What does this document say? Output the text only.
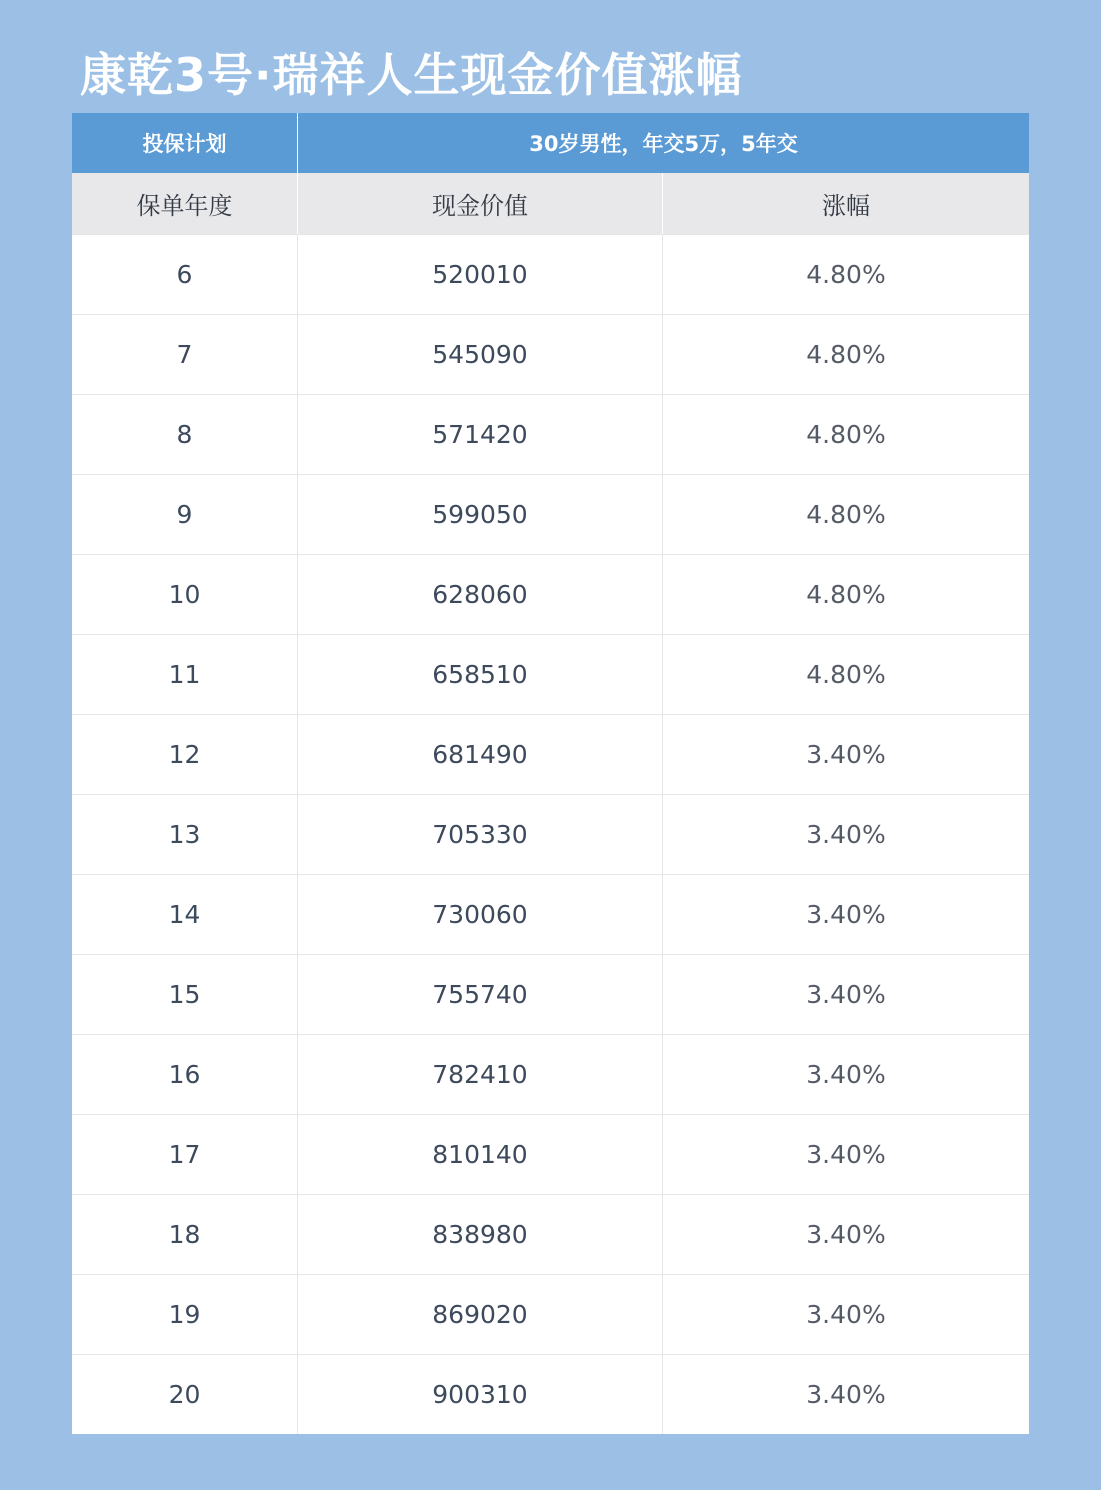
康乾3号·瑞祥人生现金价值涨幅
投保计划	30岁男性，年交5万，5年交
保单年度	现金价值	涨幅
6	520010	4.80%
7	545090	4.80%
8	571420	4.80%
9	599050	4.80%
10	628060	4.80%
11	658510	4.80%
12	681490	3.40%
13	705330	3.40%
14	730060	3.40%
15	755740	3.40%
16	782410	3.40%
17	810140	3.40%
18	838980	3.40%
19	869020	3.40%
20	900310	3.40%
